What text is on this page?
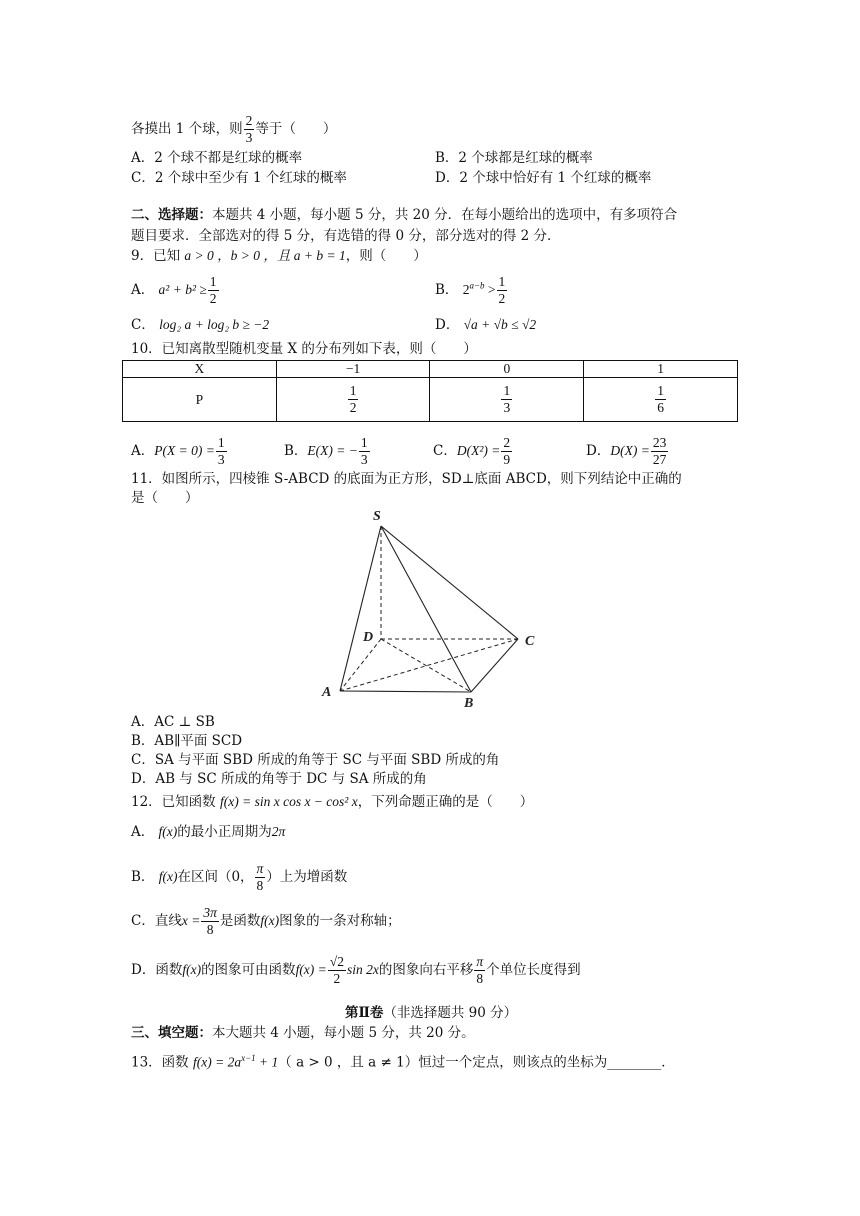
各摸出 1 个球，则 $\frac{2}{3}$ 等于（　　）
A．2 个球不都是红球的概率	B．2 个球都是红球的概率
C．2 个球中至少有 1 个红球的概率	D．2 个球中恰好有 1 个红球的概率
二、选择题：本题共 4 小题，每小题 5 分，共 20 分．在每小题给出的选项中，有多项符合
题目要求．全部选对的得 5 分，有选错的得 0 分，部分选对的得 2 分．
9．已知 a > 0 ，b > 0 ，且 a + b = 1，则（　　）
A． $a^2 + b^2 \ge \frac{1}{2}$	B． $2^{a-b} > \frac{1}{2}$
C． log₂ a + log₂ b ≥ −2	D． √a + √b ≤ √2
10．已知离散型随机变量 X 的分布列如下表，则（　　）
X	−1	0	1
P	$\frac{1}{2}$	$\frac{1}{3}$	$\frac{1}{6}$
A．$P(X = 0) = \frac{1}{3}$	B．E(X) = − $\frac{1}{3}$	C．$D(X^2) = \frac{2}{9}$	D．$D(X) = \frac{23}{27}$
11．如图所示，四棱锥 S-ABCD 的底面为正方形，SD⊥底面 ABCD，则下列结论中正确的
是（　　）
S
D	C
A
B
A．AC ⊥ SB
B．AB∥平面 SCD
C．SA 与平面 SBD 所成的角等于 SC 与平面 SBD 所成的角
D．AB 与 SC 所成的角等于 DC 与 SA 所成的角
12．已知函数 f(x) = sin x cos x − cos² x，下列命题正确的是（　　）
A． f(x)的最小正周期为2π
B． f(x)在区间（0， $\frac{\pi}{8}$ ）上为增函数
C．直线$x = \frac{3\pi}{8}$ 是函数f(x)图象的一条对称轴；
D．函数f(x)的图象可由函数$f(x) = \frac{√2}{2}$ sin 2x的图象向右平移 $\frac{\pi}{8}$ 个单位长度得到
第Ⅱ卷（非选择题共 90 分）
三、填空题：本大题共 4 小题，每小题 5 分，共 20 分。
13．函数 $f(x) = 2a^{x-1} + 1$（ a > 0 ，且 a ≠ 1）恒过一个定点，则该点的坐标为________．
